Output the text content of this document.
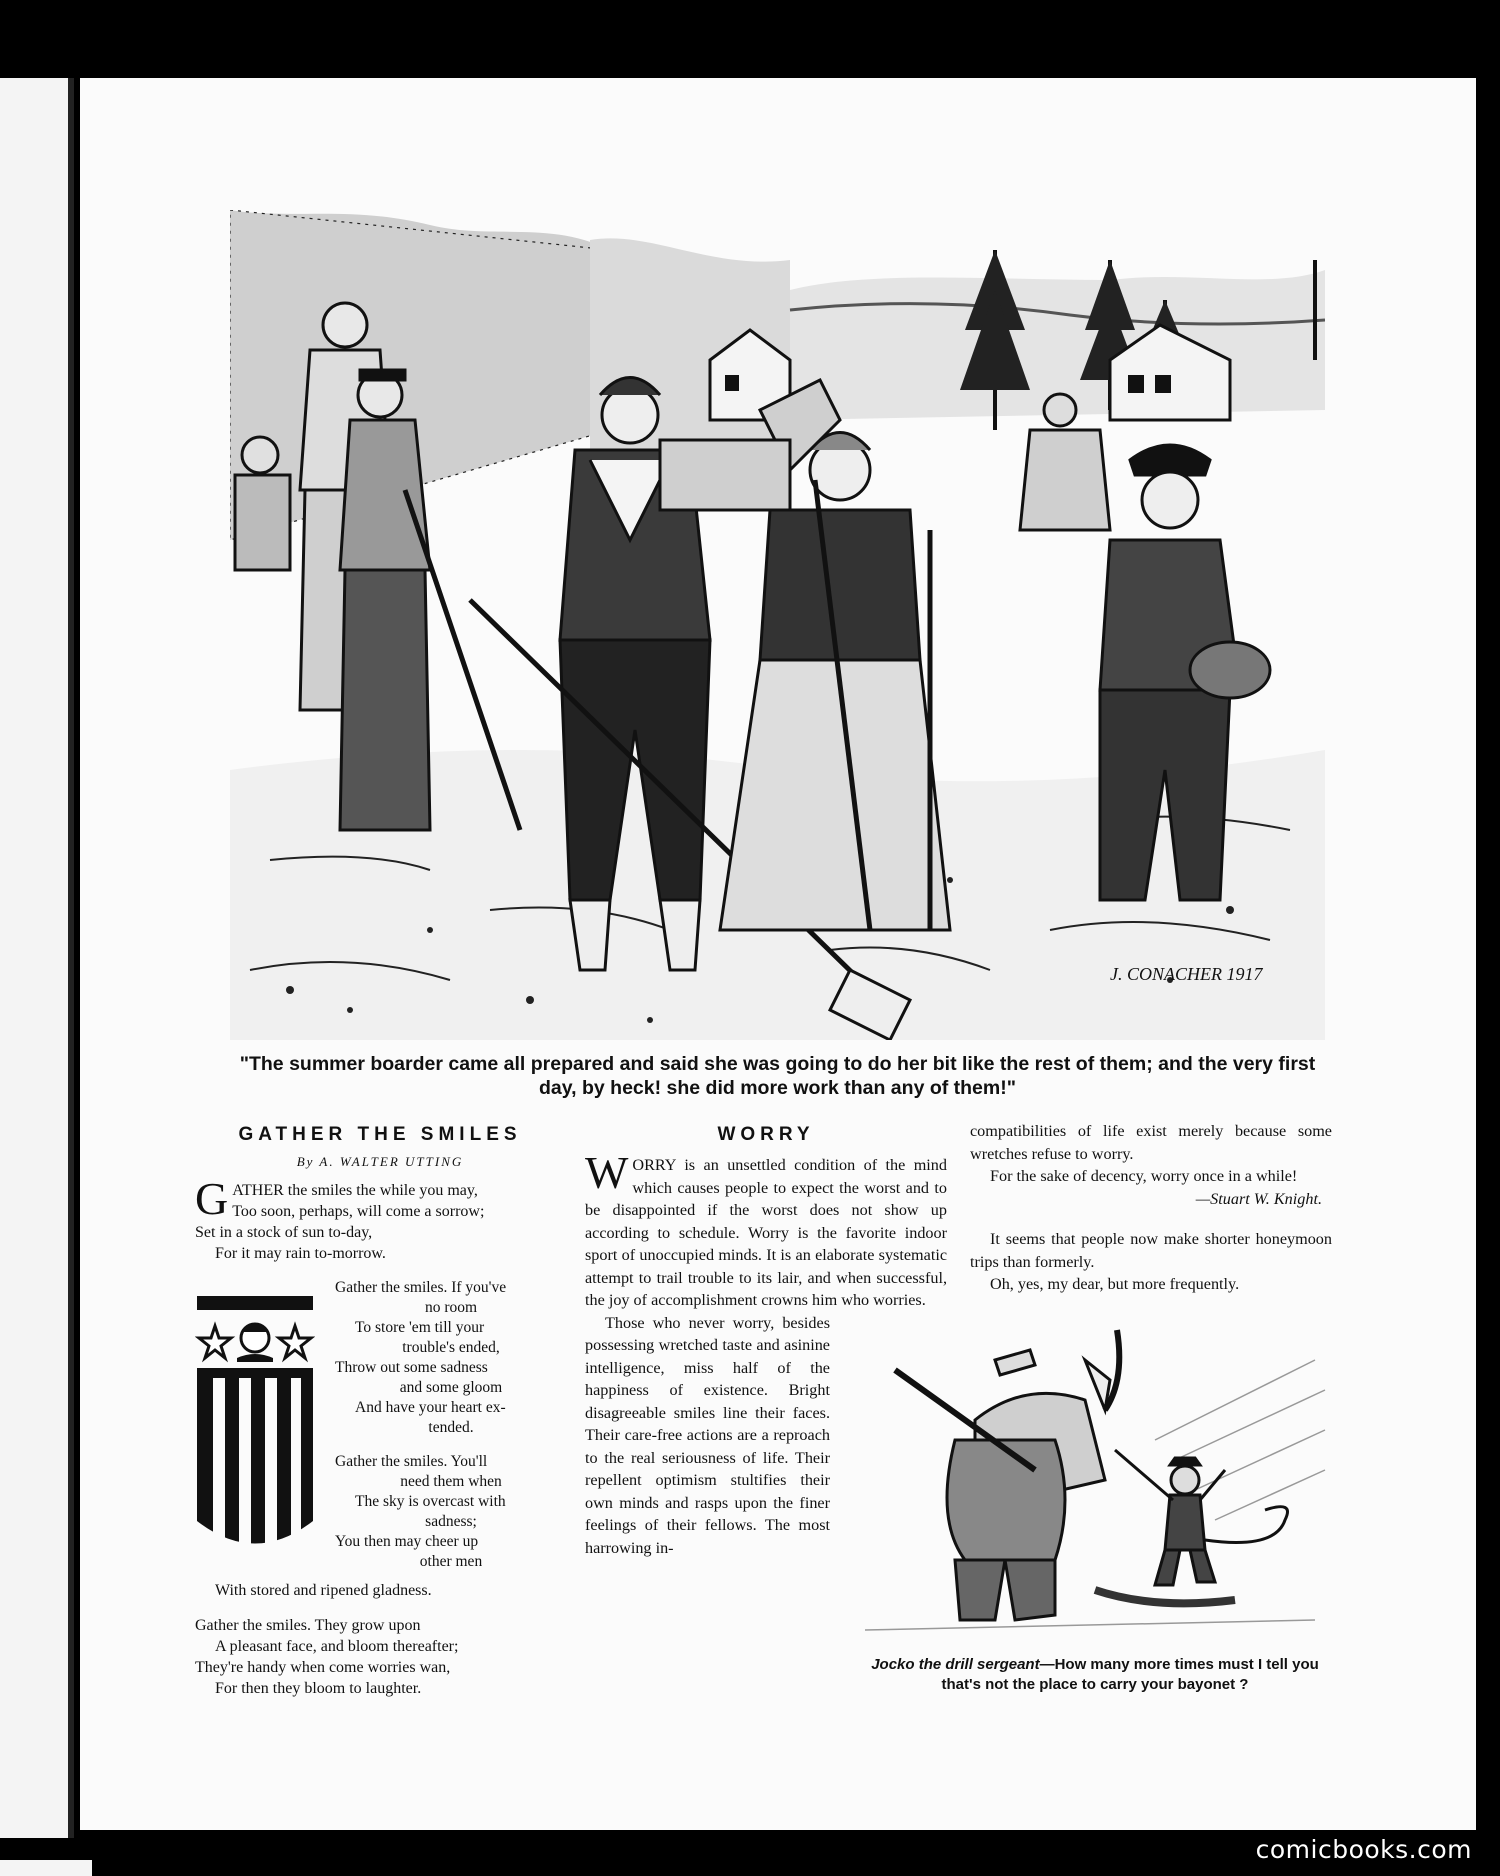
J. CONACHER 1917
"The summer boarder came all prepared and said she was going to do her bit like the rest of them; and the very first day, by heck! she did more work than any of them!"
GATHER THE SMILES
By A. WALTER UTTING
GATHER the smiles the while you may,
Too soon, perhaps, will come a sorrow;
Set in a stock of sun to-day,
For it may rain to-morrow.
Gather the smiles. If you've
no room
To store 'em till your
trouble's ended,
Throw out some sadness
and some gloom
And have your heart ex-
tended.
Gather the smiles. You'll
need them when
The sky is overcast with
sadness;
You then may cheer up
other men
With stored and ripened gladness.
Gather the smiles. They grow upon
A pleasant face, and bloom thereafter;
They're handy when come worries wan,
For then they bloom to laughter.
WORRY

WORRY is an unsettled condition of the mind which causes people to expect the worst and to be disappointed if the worst does not show up according to schedule. Worry is the favorite indoor sport of unoccupied minds. It is an elaborate systematic attempt to trail trouble to its lair, and when successful, the joy of accomplishment crowns him who worries.

Those who never worry, besides possessing wretched taste and asinine intelligence, miss half of the happiness of existence. Bright disagreeable smiles line their faces. Their care-free actions are a reproach to the real seriousness of life. Their repellent optimism stultifies their own minds and rasps upon the finer feelings of their fellows. The most harrowing in-

compatibilities of life exist merely because some wretches refuse to worry.

For the sake of decency, worry once in a while!

—Stuart W. Knight.

It seems that people now make shorter honeymoon trips than formerly.

Oh, yes, my dear, but more frequently.

Jocko the drill sergeant—How many more times must I tell you that's not the place to carry your bayonet ?
comicbooks.com
